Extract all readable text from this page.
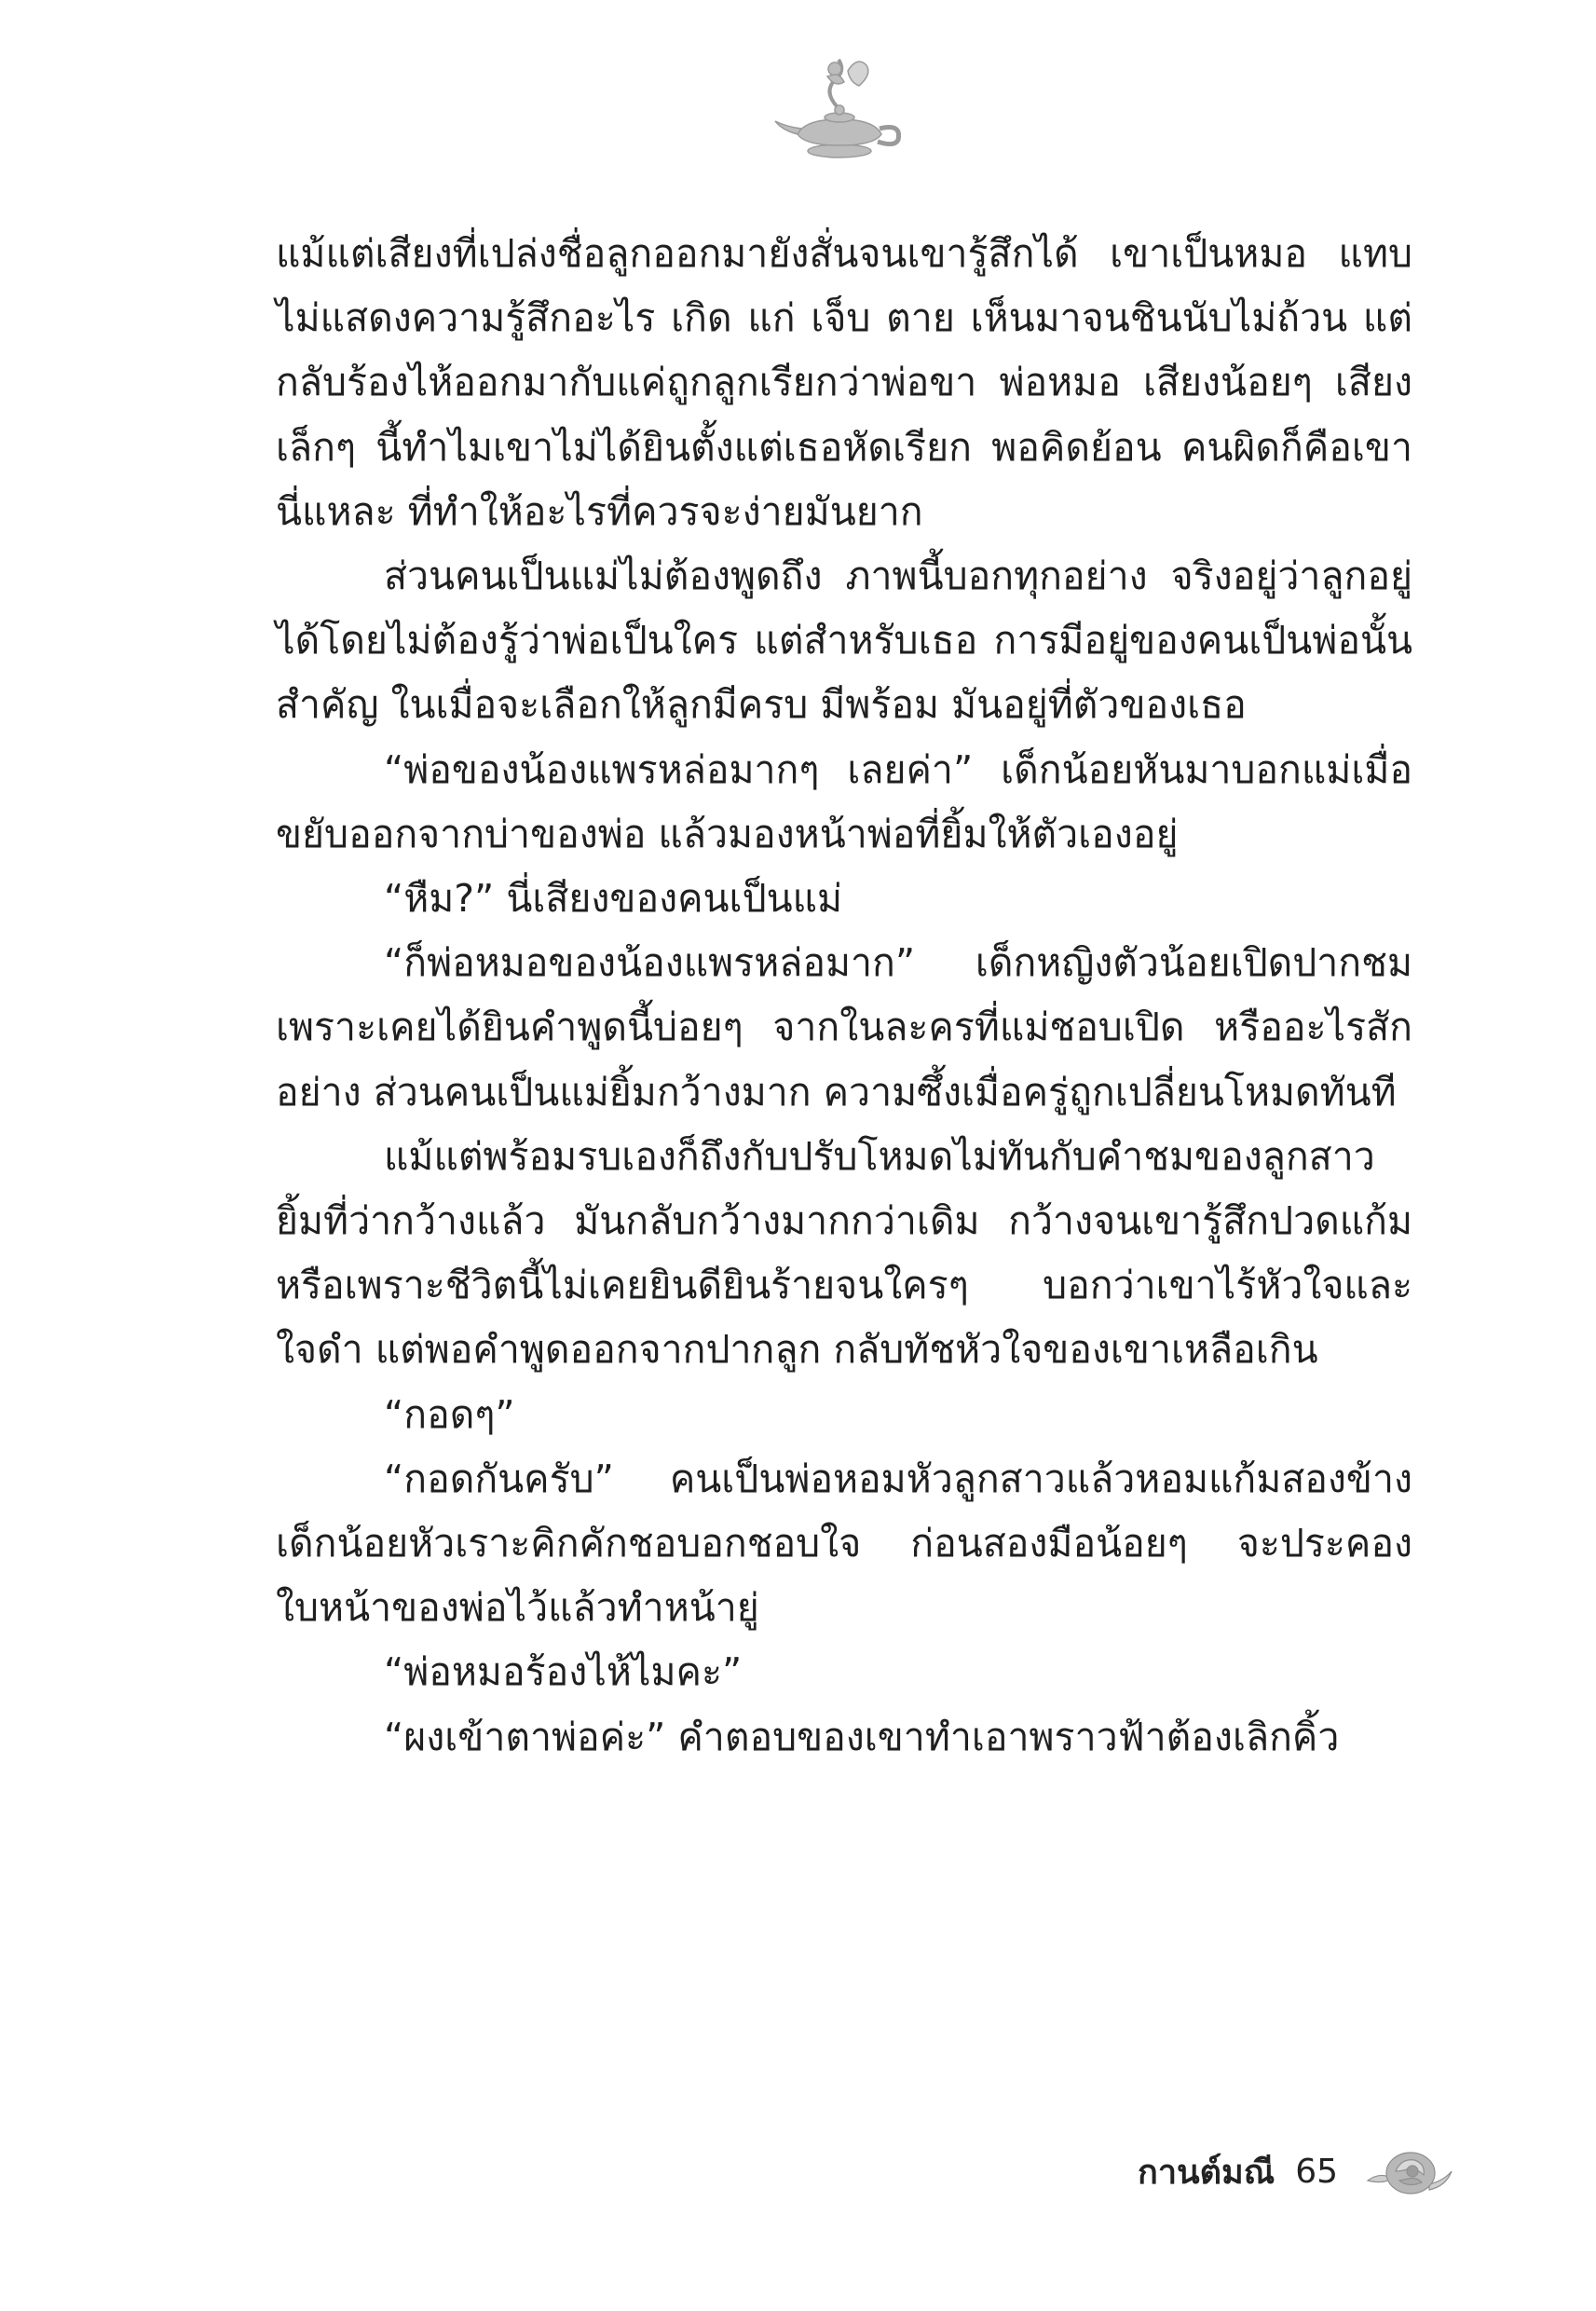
แม้แต่เสียงที่เปล่งชื่อลูกออกมายังสั่นจนเขารู้สึกได้ เขาเป็นหมอ แทบไม่แสดงความรู้สึกอะไร เกิด แก่ เจ็บ ตาย เห็นมาจนชินนับไม่ถ้วน แต่กลับร้องไห้ออกมากับแค่ถูกลูกเรียกว่าพ่อขา พ่อหมอ เสียงน้อยๆ เสียงเล็กๆ นี้ทำไมเขาไม่ได้ยินตั้งแต่เธอหัดเรียก พอคิดย้อน คนผิดก็คือเขานี่แหละ ที่ทำให้อะไรที่ควรจะง่ายมันยาก

ส่วนคนเป็นแม่ไม่ต้องพูดถึง ภาพนี้บอกทุกอย่าง จริงอยู่ว่าลูกอยู่ได้โดยไม่ต้องรู้ว่าพ่อเป็นใคร แต่สำหรับเธอ การมีอยู่ของคนเป็นพ่อนั้นสำคัญ ในเมื่อจะเลือกให้ลูกมีครบ มีพร้อม มันอยู่ที่ตัวของเธอ

“พ่อของน้องแพรหล่อมากๆ เลยค่า” เด็กน้อยหันมาบอกแม่เมื่อขยับออกจากบ่าของพ่อ แล้วมองหน้าพ่อที่ยิ้มให้ตัวเองอยู่

“หืม?” นี่เสียงของคนเป็นแม่

“ก็พ่อหมอของน้องแพรหล่อมาก” เด็กหญิงตัวน้อยเปิดปากชมเพราะเคยได้ยินคำพูดนี้บ่อยๆ จากในละครที่แม่ชอบเปิด หรืออะไรสักอย่าง ส่วนคนเป็นแม่ยิ้มกว้างมาก ความซึ้งเมื่อครู่ถูกเปลี่ยนโหมดทันที

แม้แต่พร้อมรบเองก็ถึงกับปรับโหมดไม่ทันกับคำชมของลูกสาว ยิ้มที่ว่ากว้างแล้ว มันกลับกว้างมากกว่าเดิม กว้างจนเขารู้สึกปวดแก้ม หรือเพราะชีวิตนี้ไม่เคยยินดียินร้ายจนใครๆ บอกว่าเขาไร้หัวใจและใจดำ แต่พอคำพูดออกจากปากลูก กลับทัชหัวใจของเขาเหลือเกิน

“กอดๆ”

“กอดกันครับ” คนเป็นพ่อหอมหัวลูกสาวแล้วหอมแก้มสองข้าง เด็กน้อยหัวเราะคิกคักชอบอกชอบใจ ก่อนสองมือน้อยๆ จะประคองใบหน้าของพ่อไว้แล้วทำหน้ายู่

“พ่อหมอร้องไห้ไมคะ”

“ผงเข้าตาพ่อค่ะ” คำตอบของเขาทำเอาพราวฟ้าต้องเลิกคิ้ว

กานต์มณี 65
